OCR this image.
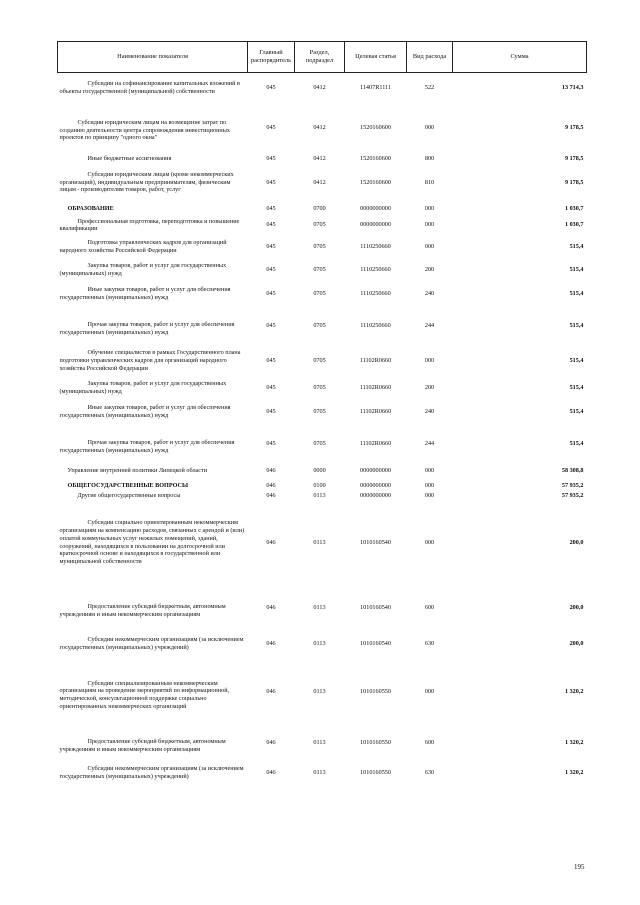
Наименование показателя	Главный распорядитель	Раздел, подраздел	Целевая статья	Вид расхода	Сумма
Субсидии на софинансирование капитальных вложений в объекты государственной (муниципальной) собственности	045	0412	11407R1111	522	13 714,3
Субсидии юридическим лицам на возмещение затрат по созданию деятельности центра сопровождения инвестиционных проектов по принципу "одного окна"	045	0412	1520160600	000	9 178,5
Иные бюджетные ассигнования	045	0412	1520160600	800	9 178,5
Субсидии юридическим лицам (кроме некоммерческих организаций), индивидуальным предпринимателям, физическим лицам - производителям товаров, работ, услуг	045	0412	1520160600	810	9 178,5
ОБРАЗОВАНИЕ	045	0700	0000000000	000	1 030,7
Профессиональная подготовка, переподготовка и повышение квалификации	045	0705	0000000000	000	1 030,7
Подготовка управленческих кадров для организаций народного хозяйства Российской Федерации	045	0705	1110250660	000	515,4
Закупка товаров, работ и услуг для государственных (муниципальных) нужд	045	0705	1110250660	200	515,4
Иные закупки товаров, работ и услуг для обеспечения государственных (муниципальных) нужд	045	0705	1110250660	240	515,4
Прочая закупка товаров, работ и услуг для обеспечения государственных (муниципальных) нужд	045	0705	1110250660	244	515,4
Обучение специалистов в рамках Государственного плана подготовки управленческих кадров для организаций народного хозяйства Российской Федерации	045	0705	11102R0660	000	515,4
Закупка товаров, работ и услуг для государственных (муниципальных) нужд	045	0705	11102R0660	200	515,4
Иные закупки товаров, работ и услуг для обеспечения государственных (муниципальных) нужд	045	0705	11102R0660	240	515,4
Прочая закупка товаров, работ и услуг для обеспечения государственных (муниципальных) нужд	045	0705	11102R0660	244	515,4
Управление внутренней политики Липецкой области	046	0000	0000000000	000	58 308,8
ОБЩЕГОСУДАРСТВЕННЫЕ ВОПРОСЫ	046	0100	0000000000	000	57 935,2
Другие общегосударственные вопросы	046	0113	0000000000	000	57 935,2
Субсидии социально ориентированным некоммерческим организациям на компенсацию расходов, связанных с арендой и (или) оплатой коммунальных услуг нежилых помещений, зданий, сооружений, находящихся в пользовании на долгосрочной или краткосрочной основе и находящихся в государственной или муниципальной собственности	046	0113	1010160540	000	200,0
Предоставление субсидий бюджетным, автономным учреждениям и иным некоммерческим организациям	046	0113	1010160540	600	200,0
Субсидии некоммерческим организациям (за исключением государственных (муниципальных) учреждений)	046	0113	1010160540	630	200,0
Субсидии специализированным некоммерческим организациям на проведение мероприятий по информационной, методической, консультационной поддержке социально ориентированных некоммерческих организаций	046	0113	1010160550	000	1 320,2
Предоставление субсидий бюджетным, автономным учреждениям и иным некоммерческим организациям	046	0113	1010160550	600	1 320,2
Субсидии некоммерческим организациям (за исключением государственных (муниципальных) учреждений)	046	0113	1010160550	630	1 320,2
195
